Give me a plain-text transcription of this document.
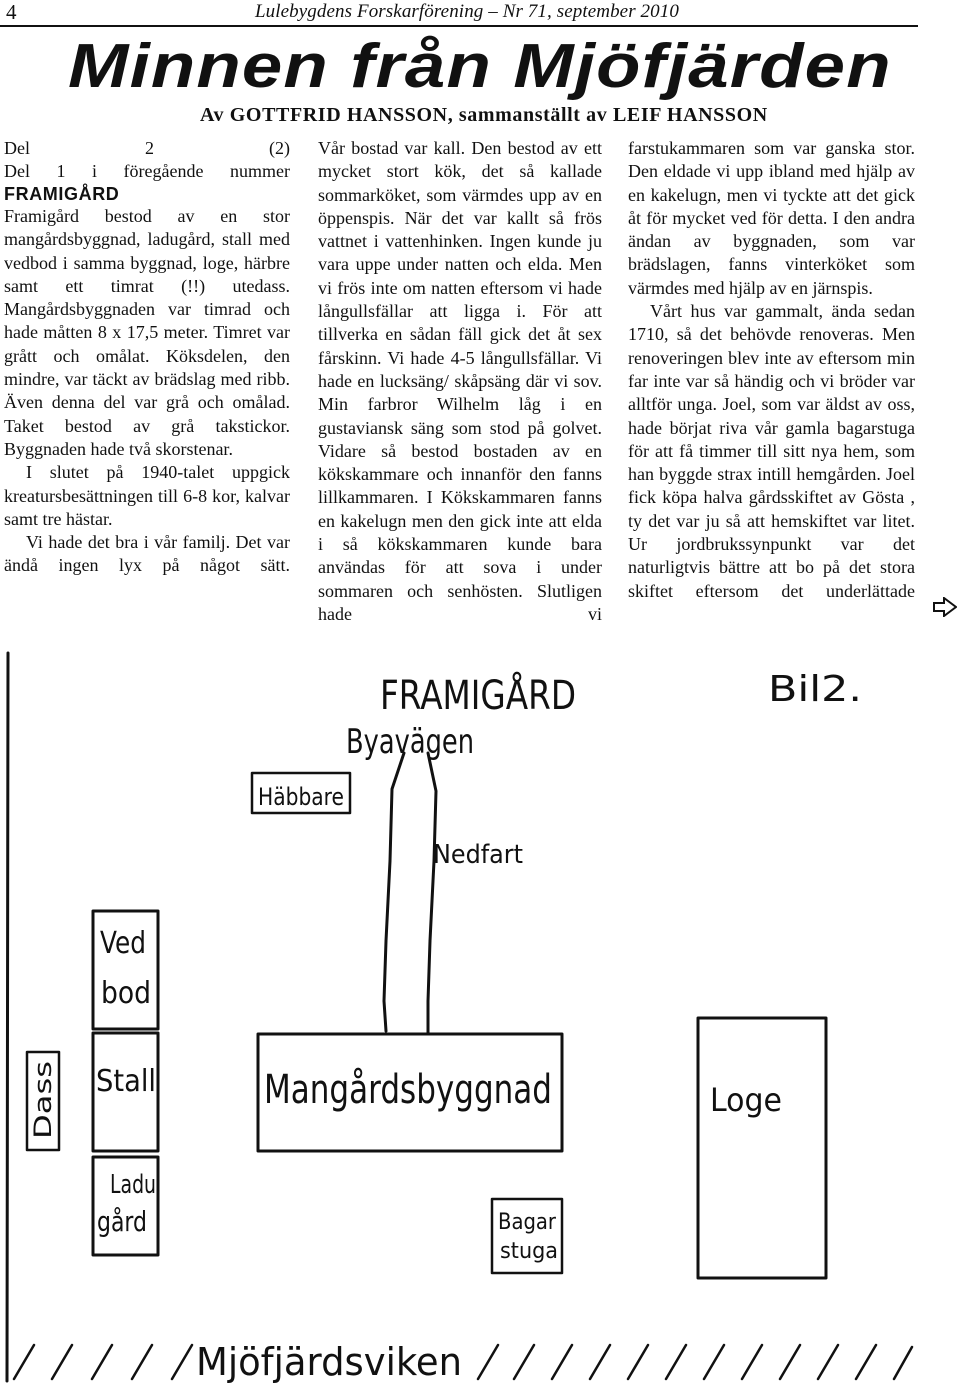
4	Lulebygdens Forskarförening – Nr 71, september 2010
Minnen från Mjöfjärden
Av GOTTFRID HANSSON, sammanställt av LEIF HANSSON

Del 2 (2)

Del 1 i föregående nummer

FRAMIGÅRD

Framigård bestod av en stor mangårdsbyggnad, ladugård, stall med vedbod i samma byggnad, loge, härbre samt ett timrat (!!) utedass. Mangårdsbyggnaden var timrad och hade måtten 8 x 17,5 meter. Timret var grått och omålat. Köksdelen, den mindre, var täckt av brädslag med ribb. Även denna del var grå och omålad. Taket bestod av grå takstickor. Byggnaden hade två skorstenar.

I slutet på 1940-talet uppgick kreatursbesättningen till 6-8 kor, kalvar samt tre hästar.

Vi hade det bra i vår familj. Det var ändå ingen lyx på något sätt.

Vår bostad var kall. Den bestod av ett mycket stort kök, det så kallade sommarköket, som värmdes upp av en öppenspis. När det var kallt så frös vattnet i vattenhinken. Ingen kunde ju vara uppe under natten och elda. Men vi frös inte om natten eftersom vi hade långullsfällar att ligga i. För att tillverka en sådan fäll gick det åt sex fårskinn. Vi hade 4-5 långullsfällar. Vi hade en lucksäng/ skåpsäng där vi sov. Min farbror Wilhelm låg i en gustaviansk säng som stod på golvet. Vidare så bestod bostaden av en kökskammare och innanför den fanns lillkammaren. I Kökskammaren fanns en kakelugn men den gick inte att elda i så kökskammaren kunde bara användas för att sova i under sommaren och senhösten. Slutligen hade vi

farstukammaren som var ganska stor. Den eldade vi upp ibland med hjälp av en kakelugn, men vi tyckte att det gick åt för mycket ved för detta. I den andra ändan av byggnaden, som var brädslagen, fanns vinterköket som värmdes med hjälp av en järnspis.

Vårt hus var gammalt, ända sedan 1710, så det behövde renoveras. Men renoveringen blev inte av eftersom min far inte var så händig och vi bröder var alltför unga. Joel, som var äldst av oss, hade börjat riva vår gamla bagarstuga för att få timmer till sitt nya hem, som han byggde strax intill hemgården. Joel fick köpa halva gårdsskiftet av Gösta , ty det var ju så att hemskiftet var litet. Ur jordbrukssynpunkt var det naturligtvis bättre att bo på det stora skiftet eftersom det underlättade

FRAMIGÅRD	Bil2.
Byavägen
Häbbare
Nedfart
Ved
bod
Stall
Dass	Mangårdsbyggnad	Loge
Ladu
gård	Bagar
stuga
Mjöfjärdsviken
